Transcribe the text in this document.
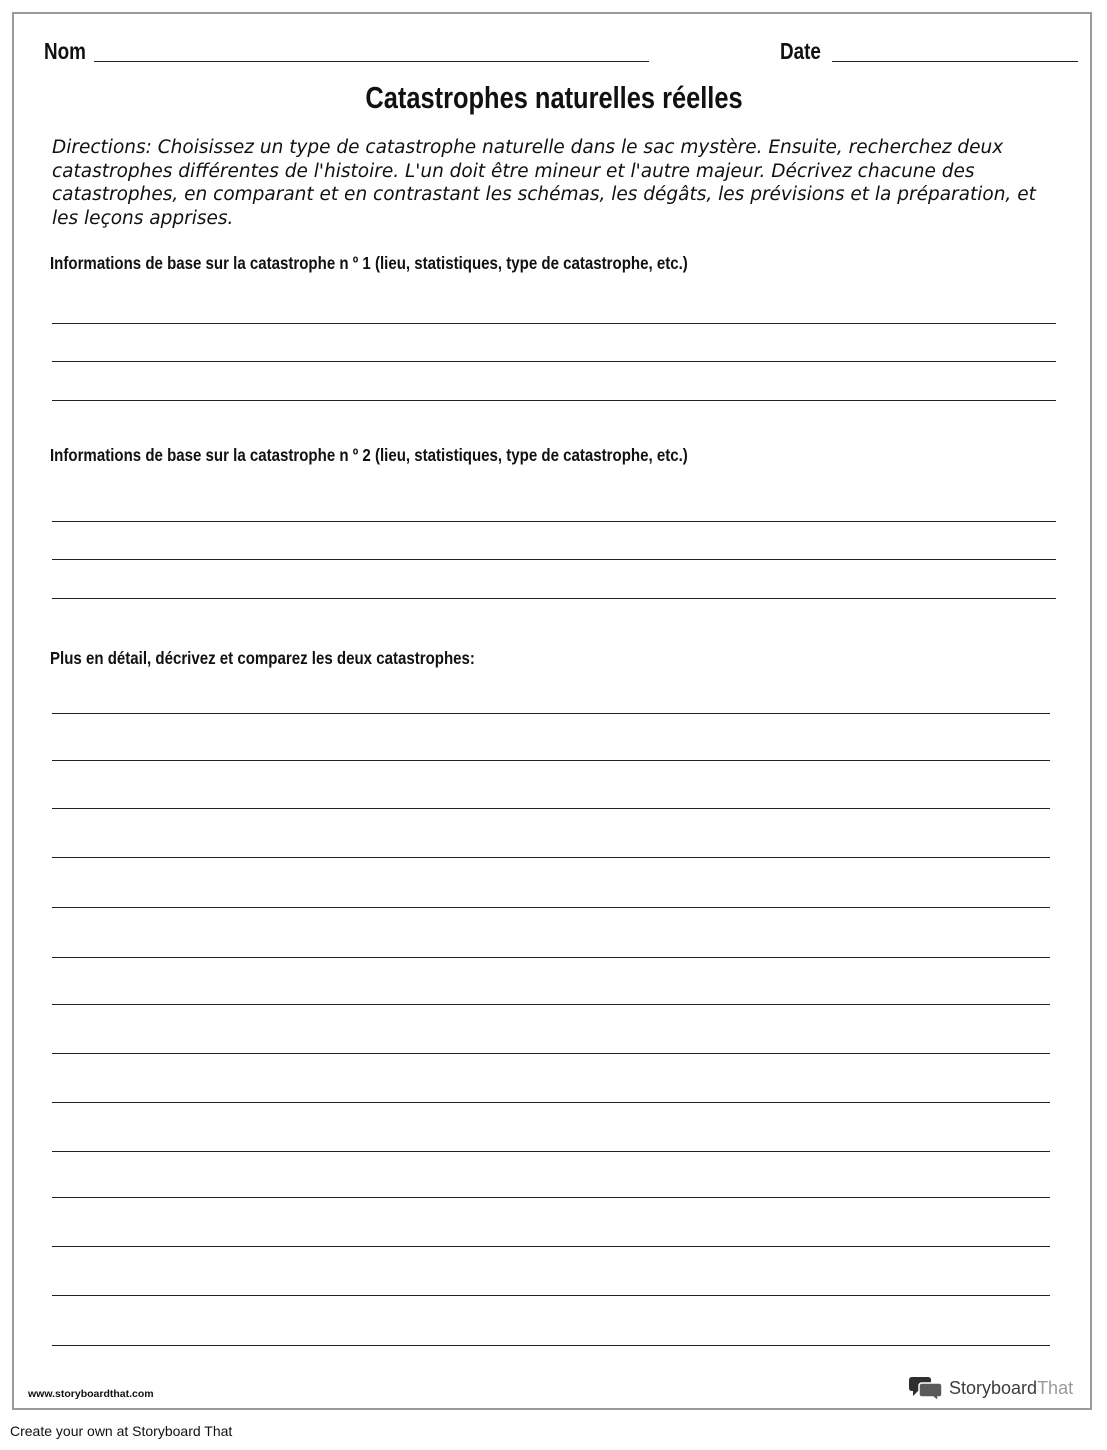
Nom	Date
Catastrophes naturelles réelles
Directions: Choisissez un type de catastrophe naturelle dans le sac mystère. Ensuite, recherchez deux catastrophes différentes de l'histoire. L'un doit être mineur et l'autre majeur. Décrivez chacune des catastrophes, en comparant et en contrastant les schémas, les dégâts, les prévisions et la préparation, et les leçons apprises.
Informations de base sur la catastrophe n º 1 (lieu, statistiques, type de catastrophe, etc.)
Informations de base sur la catastrophe n º 2 (lieu, statistiques, type de catastrophe, etc.)
Plus en détail, décrivez et comparez les deux catastrophes:
www.storyboardthat.com	StoryboardThat
Create your own at Storyboard That
